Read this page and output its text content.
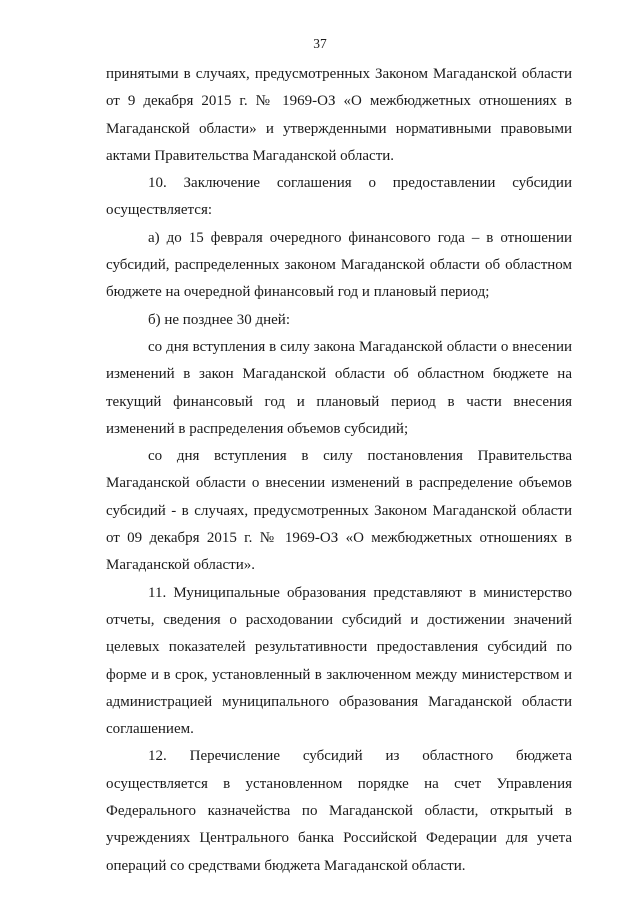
37

принятыми в случаях, предусмотренных Законом Магаданской области от 9 декабря 2015 г. № 1969-ОЗ «О межбюджетных отношениях в Магаданской области» и утвержденными нормативными правовыми актами Правительства Магаданской области.

10. Заключение соглашения о предоставлении субсидии осуществляется:

а) до 15 февраля очередного финансового года – в отношении субсидий, распределенных законом Магаданской области об областном бюджете на очередной финансовый год и плановый период;

б) не позднее 30 дней:

со дня вступления в силу закона Магаданской области о внесении изменений в закон Магаданской области об областном бюджете на текущий финансовый год и плановый период в части внесения изменений в распределения объемов субсидий;

со дня вступления в силу постановления Правительства Магаданской области о внесении изменений в распределение объемов субсидий - в случаях, предусмотренных Законом Магаданской области от 09 декабря 2015 г. № 1969-ОЗ «О межбюджетных отношениях в Магаданской области».

11. Муниципальные образования представляют в министерство отчеты, сведения о расходовании субсидий и достижении значений целевых показателей результативности предоставления субсидий по форме и в срок, установленный в заключенном между министерством и администрацией муниципального образования Магаданской области соглашением.

12. Перечисление субсидий из областного бюджета осуществляется в установленном порядке на счет Управления Федерального казначейства по Магаданской области, открытый в учреждениях Центрального банка Российской Федерации для учета операций со средствами бюджета Магаданской области.
